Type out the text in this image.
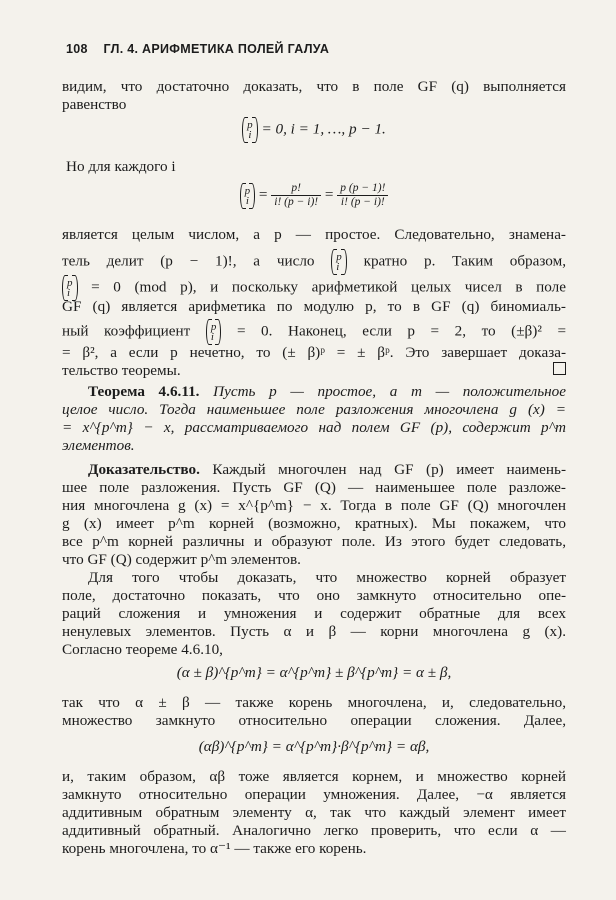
108 ГЛ. 4. АРИФМЕТИКА ПОЛЕЙ ГАЛУА
видим, что достаточно доказать, что в поле GF (q) выполняется
равенство
p
i = 0, i = 1, …, p − 1.
Но для каждого i
p
$i = \frac{p!}{i! (p - i)!} = \frac{p (p - 1)!}{i! (p - i)!}$
является целым числом, а p — простое. Следовательно, знамена-
тель делит (p − 1)!, а число p
i кратно p. Таким образом,
p
i = 0 (mod p), и поскольку арифметикой целых чисел в поле
GF (q) является арифметика по модулю p, то в GF (q) биномиаль-
ный коэффициент p
i = 0. Наконец, если p = 2, то (±β)² =
= β², а если p нечетно, то (± β)ᵖ = ± βᵖ. Это завершает доказа-
тельство теоремы.
Теорема 4.6.11. Пусть p — простое, а m — положительное
целое число. Тогда наименьшее поле разложения многочлена g (x) =
= x^{p^m} − x, рассматриваемого над полем GF (p), содержит p^m
элементов.
Доказательство. Каждый многочлен над GF (p) имеет наимень-
шее поле разложения. Пусть GF (Q) — наименьшее поле разложе-
ния многочлена g (x) = x^{p^m} − x. Тогда в поле GF (Q) многочлен
g (x) имеет p^m корней (возможно, кратных). Мы покажем, что
все p^m корней различны и образуют поле. Из этого будет следовать,
что GF (Q) содержит p^m элементов.
Для того чтобы доказать, что множество корней образует
поле, достаточно показать, что оно замкнуто относительно опе-
раций сложения и умножения и содержит обратные для всех
ненулевых элементов. Пусть α и β — корни многочлена g (x).
Согласно теореме 4.6.10,
(α ± β)^{p^m} = α^{p^m} ± β^{p^m} = α ± β,
так что α ± β — также корень многочлена, и, следовательно,
множество замкнуто относительно операции сложения. Далее,
(αβ)^{p^m} = α^{p^m}·β^{p^m} = αβ,
и, таким образом, αβ тоже является корнем, и множество корней
замкнуто относительно операции умножения. Далее, −α является
аддитивным обратным элементу α, так что каждый элемент имеет
аддитивный обратный. Аналогично легко проверить, что если α —
корень многочлена, то α⁻¹ — также его корень.
